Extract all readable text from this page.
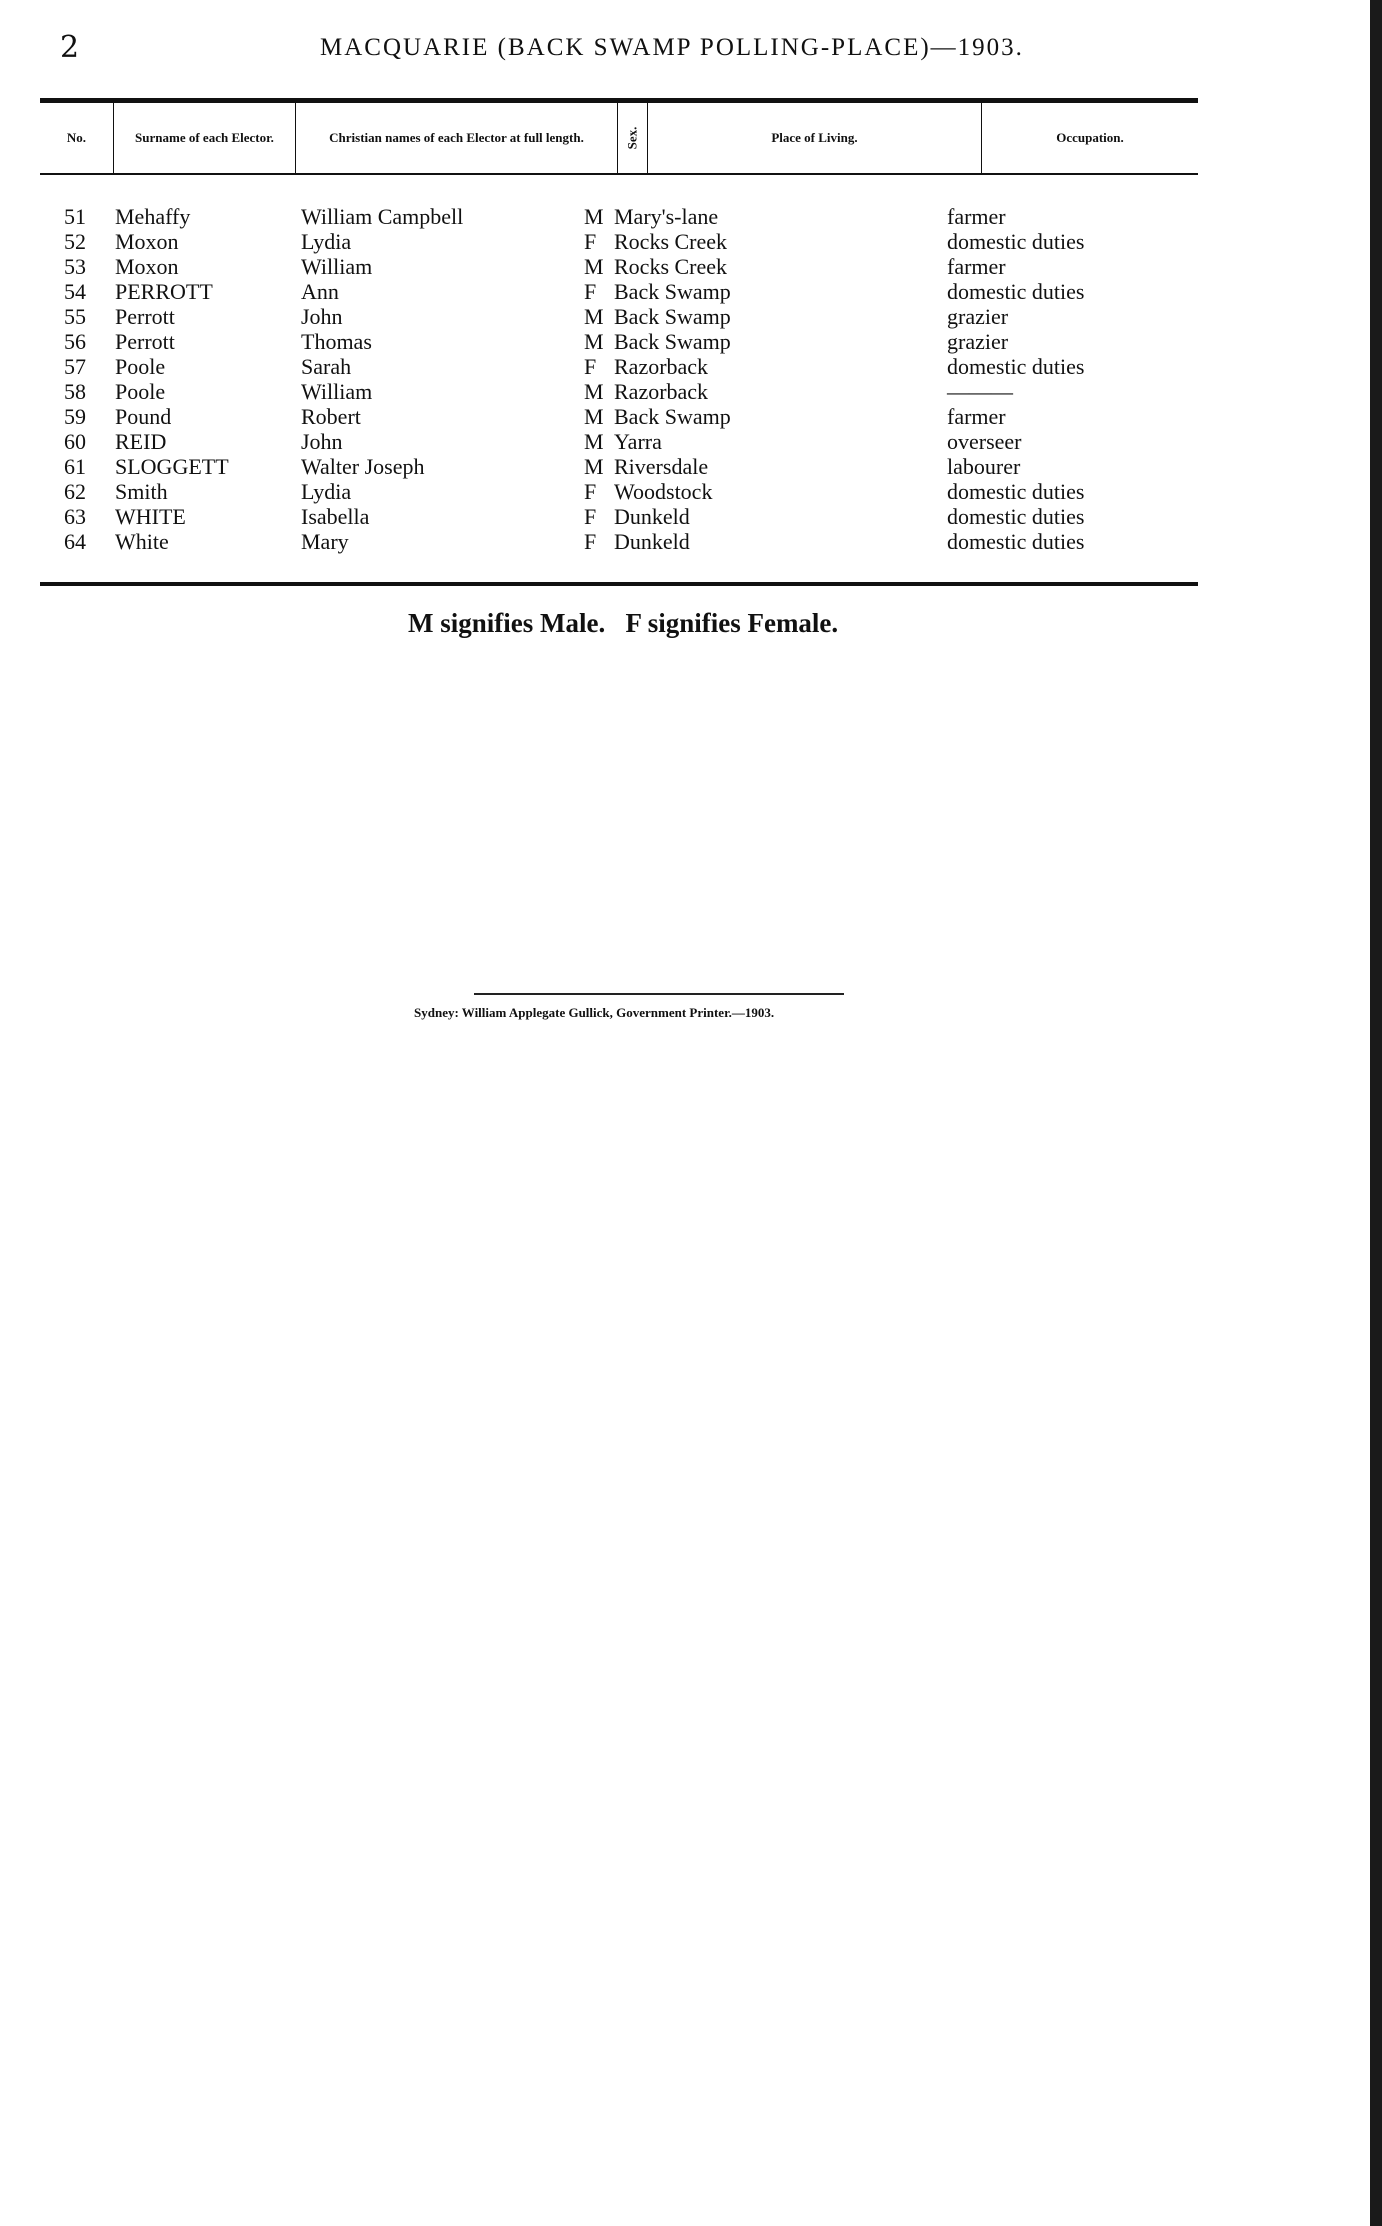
2	MACQUARIE (BACK SWAMP POLLING-PLACE)—1903.
No.	Surname of each Elector.	Christian names of each Elector at full length.	Sex.	Place of Living.	Occupation.
51 Mehaffy	William Campbell	M Mary's-lane	farmer
52 Moxon	Lydia	F Rocks Creek	domestic duties
53 Moxon	William	M Rocks Creek	farmer
54 PERROTT	Ann	F Back Swamp	domestic duties
55 Perrott	John	M Back Swamp	grazier
56 Perrott	Thomas	M Back Swamp	grazier
57 Poole	Sarah	F Razorback	domestic duties
58 Poole	William	M Razorback	———
59 Pound	Robert	M Back Swamp	farmer
60 REID	John	M Yarra	overseer
61 SLOGGETT	Walter Joseph	M Riversdale	labourer
62 Smith	Lydia	F Woodstock	domestic duties
63 WHITE	Isabella	F Dunkeld	domestic duties
64 White	Mary	F Dunkeld	domestic duties
M signifies Male.   F signifies Female.
Sydney: William Applegate Gullick, Government Printer.—1903.
